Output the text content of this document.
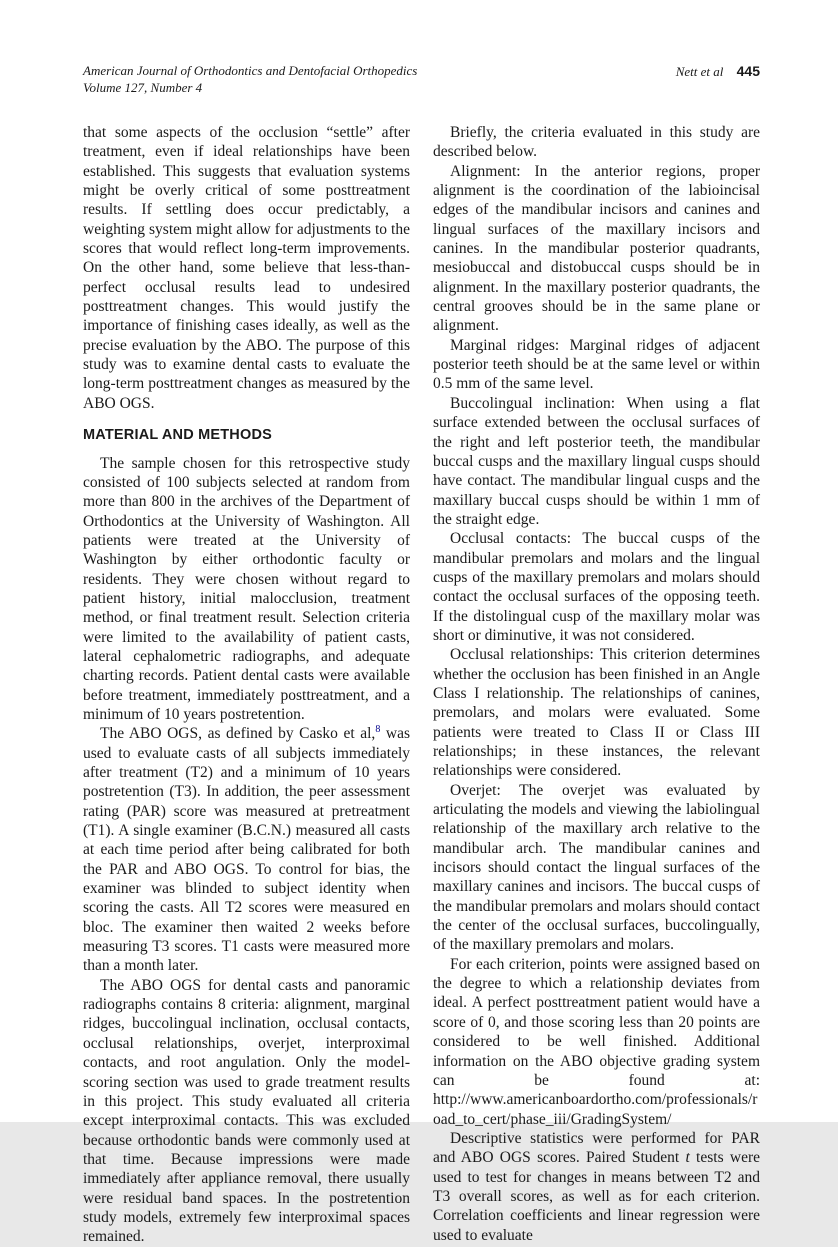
American Journal of Orthodontics and Dentofacial Orthopedics
Volume 127, Number 4
Nett et al 445

that some aspects of the occlusion “settle” after treatment, even if ideal relationships have been established. This suggests that evaluation systems might be overly critical of some posttreatment results. If settling does occur predictably, a weighting system might allow for adjustments to the scores that would reflect long-term improvements. On the other hand, some believe that less-than-perfect occlusal results lead to undesired posttreatment changes. This would justify the importance of finishing cases ideally, as well as the precise evaluation by the ABO. The purpose of this study was to examine dental casts to evaluate the long-term posttreatment changes as measured by the ABO OGS.

MATERIAL AND METHODS

The sample chosen for this retrospective study consisted of 100 subjects selected at random from more than 800 in the archives of the Department of Orthodontics at the University of Washington. All patients were treated at the University of Washington by either orthodontic faculty or residents. They were chosen without regard to patient history, initial malocclusion, treatment method, or final treatment result. Selection criteria were limited to the availability of patient casts, lateral cephalometric radiographs, and adequate charting records. Patient dental casts were available before treatment, immediately posttreatment, and a minimum of 10 years postretention.

The ABO OGS, as defined by Casko et al,$^8$ was used to evaluate casts of all subjects immediately after treatment (T2) and a minimum of 10 years postretention (T3). In addition, the peer assessment rating (PAR) score was measured at pretreatment (T1). A single examiner (B.C.N.) measured all casts at each time period after being calibrated for both the PAR and ABO OGS. To control for bias, the examiner was blinded to subject identity when scoring the casts. All T2 scores were measured en bloc. The examiner then waited 2 weeks before measuring T3 scores. T1 casts were measured more than a month later.

The ABO OGS for dental casts and panoramic radiographs contains 8 criteria: alignment, marginal ridges, buccolingual inclination, occlusal contacts, occlusal relationships, overjet, interproximal contacts, and root angulation. Only the model-scoring section was used to grade treatment results in this project. This study evaluated all criteria except interproximal contacts. This was excluded because orthodontic bands were commonly used at that time. Because impressions were made immediately after appliance removal, there usually were residual band spaces. In the postretention study models, extremely few interproximal spaces remained.

Briefly, the criteria evaluated in this study are described below.

Alignment: In the anterior regions, proper alignment is the coordination of the labioincisal edges of the mandibular incisors and canines and lingual surfaces of the maxillary incisors and canines. In the mandibular posterior quadrants, mesiobuccal and distobuccal cusps should be in alignment. In the maxillary posterior quadrants, the central grooves should be in the same plane or alignment.

Marginal ridges: Marginal ridges of adjacent posterior teeth should be at the same level or within 0.5 mm of the same level.

Buccolingual inclination: When using a flat surface extended between the occlusal surfaces of the right and left posterior teeth, the mandibular buccal cusps and the maxillary lingual cusps should have contact. The mandibular lingual cusps and the maxillary buccal cusps should be within 1 mm of the straight edge.

Occlusal contacts: The buccal cusps of the mandibular premolars and molars and the lingual cusps of the maxillary premolars and molars should contact the occlusal surfaces of the opposing teeth. If the distolingual cusp of the maxillary molar was short or diminutive, it was not considered.

Occlusal relationships: This criterion determines whether the occlusion has been finished in an Angle Class I relationship. The relationships of canines, premolars, and molars were evaluated. Some patients were treated to Class II or Class III relationships; in these instances, the relevant relationships were considered.

Overjet: The overjet was evaluated by articulating the models and viewing the labiolingual relationship of the maxillary arch relative to the mandibular arch. The mandibular canines and incisors should contact the lingual surfaces of the maxillary canines and incisors. The buccal cusps of the mandibular premolars and molars should contact the center of the occlusal surfaces, buccolingually, of the maxillary premolars and molars.

For each criterion, points were assigned based on the degree to which a relationship deviates from ideal. A perfect posttreatment patient would have a score of 0, and those scoring less than 20 points are considered to be well finished. Additional information on the ABO objective grading system can be found at: http://www.americanboardortho.com/professionals/road_to_cert/phase_iii/GradingSystem/

Descriptive statistics were performed for PAR and ABO OGS scores. Paired Student t tests were used to test for changes in means between T2 and T3 overall scores, as well as for each criterion. Correlation coefficients and linear regression were used to evaluate
